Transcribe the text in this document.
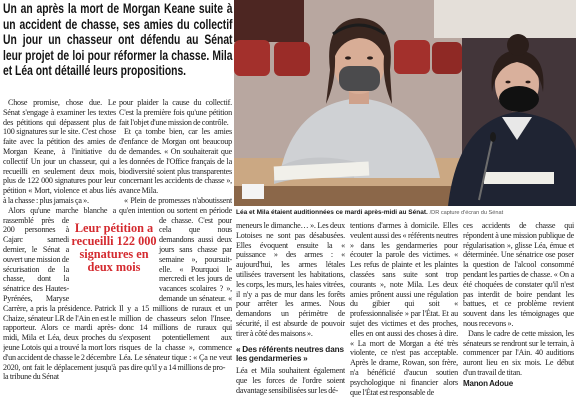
Un an après la mort de Morgan Keane suite à un accident de chasse, ses amies du collectif Un jour un chasseur ont défendu au Sénat leur projet de loi pour réformer la chasse. Mila et Léa ont détaillé leurs propositions.
Léa et Mila étaient auditionnées ce mardi après-midi au Sénat. /DR capture d'écran du Sénat

Chose promise, chose due. Le Sénat s'engage à examiner les textes des pétitions qui dépassent plus de 100 signatures sur le site. C'est chose faite avec la pétition des amies de Morgan Keane, à l'initiative du collectif Un jour un chasseur, qui a recueilli en seulement deux mois, plus de 122 000 signatures pour leur pétition « Mort, violence et abus liés à la chasse : plus jamais ça ».

Alors qu'une marche blanche a rassemblé près de 200 personnes à Cajarc samedi dernier, le Sénat a ouvert une mission de sécurisation de la chasse, dont la sénatrice des Hautes-Pyrénées, Maryse Carrère, a pris la présidence. Patrick Chaize, sénateur LR de l'Ain en est le rapporteur. Alors ce mardi après-midi, Mila et Léa, deux proches du jeune Lotois qui a trouvé la mort lors d'un accident de chasse le 2 décembre 2020, ont fait le déplacement jusqu'à la tribune du Sénat

pour plaider la cause du collectif. C'est la première fois qu'une pétition fait l'objet d'une mission de contrôle.

Et ça tombe bien, car les amies d'enfance de Morgan ont beaucoup de demandes. « On souhaiterait que les données de l'Office français de la biodiversité soient plus transparentes concernant les accidents de chasse », avance Mila.

« Plein de promesses n'aboutissent qu'en intention ou sortent en période de chasse. C'est pour cela que nous demandons aussi deux jours sans chasse par semaine », poursuit-elle. « Pourquoi le mercredi et les jours de vacances scolaires ? », demande un sénateur. « Il y a 15 millions de ruraux et un million de chasseurs selon l'Insee, donc 14 millions de ruraux qui s'exposent potentiellement aux risques de la chasse », commence Léa. Le sénateur tique : « Ça ne veut pas dire qu'il y a 14 millions de pro-

Leur pétition a recueilli 122 000 signatures en deux mois

meneurs le dimanche… ». Les deux Lotoises ne sont pas désabusées. Elles évoquent ensuite la « puissance » des armes : « aujourd'hui, les armes létales utilisées traversent les habitations, les corps, les murs, les haies vitrées, il n'y a pas de mur dans les forêts pour arrêter les armes. Nous demandons un périmètre de sécurité, il est absurde de pouvoir tirer à côté des maisons ».

« Des référents neutres dans les gendarmeries »

Léa et Mila souhaitent également que les forces de l'ordre soient davantage sensibilisées sur les dé-

tentions d'armes à domicile. Elles veulent aussi des « référents neutres » dans les gendarmeries pour écouter la parole des victimes. « Les refus de plainte et les plaintes classées sans suite sont trop courants », note Mila. Les deux amies prônent aussi une régulation du gibier qui soit « professionnalisée » par l'État. Et au sujet des victimes et des proches, elles en ont aussi des choses à dire. « La mort de Morgan a été très violente, ce n'est pas acceptable. Après le drame, Rowan, son frère, n'a bénéficié d'aucun soutien psychologique ni financier alors que l'État est responsable de

ces accidents de chasse qui répondent à une mission publique de régularisation », glisse Léa, émue et déterminée. Une sénatrice ose poser la question de l'alcool consommé pendant les parties de chasse. « On a été choquées de constater qu'il n'est pas interdit de boire pendant les battues, et ce problème revient souvent dans les témoignages que nous recevons ».

Dans le cadre de cette mission, les sénateurs se rendront sur le terrain, à commencer par l'Ain. 40 auditions auront lieu en six mois. Le début d'un travail de titan.

Manon Adoue
